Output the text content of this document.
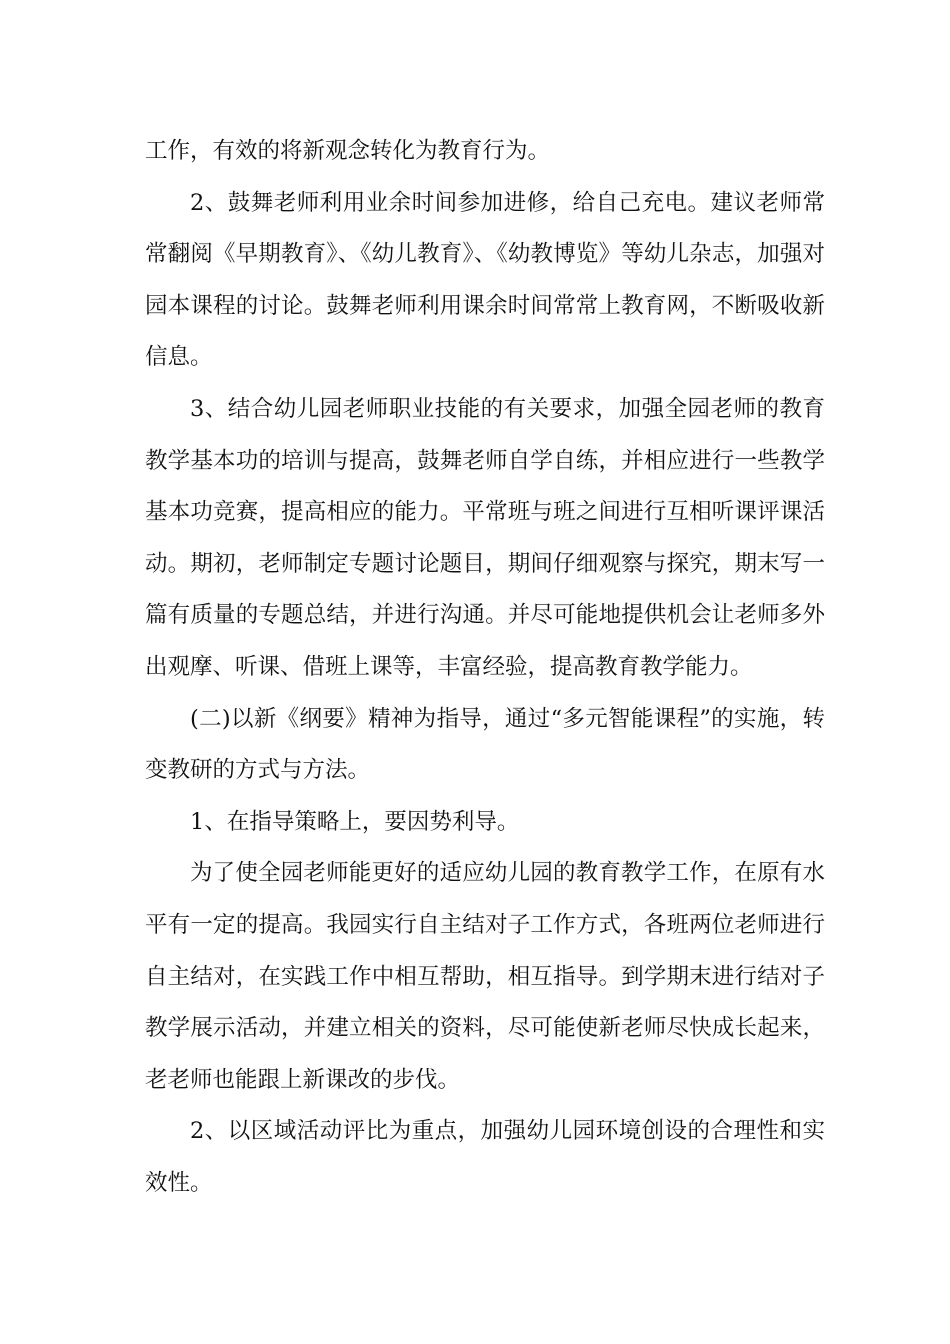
工作，有效的将新观念转化为教育行为。

2、鼓舞老师利用业余时间参加进修，给自己充电。建议老师常常翻阅《早期教育》、《幼儿教育》、《幼教博览》等幼儿杂志，加强对园本课程的讨论。鼓舞老师利用课余时间常常上教育网，不断吸收新信息。

3、结合幼儿园老师职业技能的有关要求，加强全园老师的教育教学基本功的培训与提高，鼓舞老师自学自练，并相应进行一些教学基本功竞赛，提高相应的能力。平常班与班之间进行互相听课评课活动。期初，老师制定专题讨论题目，期间仔细观察与探究，期末写一篇有质量的专题总结，并进行沟通。并尽可能地提供机会让老师多外出观摩、听课、借班上课等，丰富经验，提高教育教学能力。

(二)以新《纲要》精神为指导，通过“多元智能课程”的实施，转变教研的方式与方法。

1、在指导策略上，要因势利导。

为了使全园老师能更好的适应幼儿园的教育教学工作，在原有水平有一定的提高。我园实行自主结对子工作方式，各班两位老师进行自主结对，在实践工作中相互帮助，相互指导。到学期末进行结对子教学展示活动，并建立相关的资料，尽可能使新老师尽快成长起来，老老师也能跟上新课改的步伐。

2、以区域活动评比为重点，加强幼儿园环境创设的合理性和实效性。
